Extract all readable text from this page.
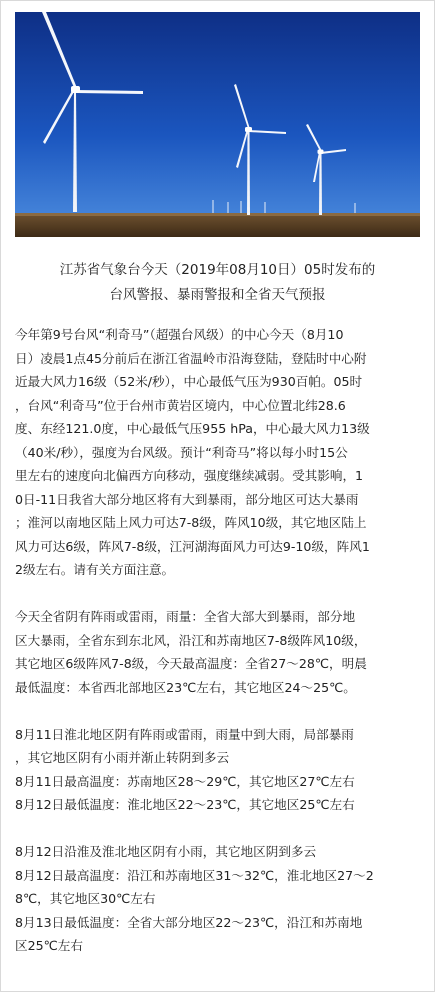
江苏省气象台今天（2019年08月10日）05时发布的
台风警报、暴雨警报和全省天气预报
今年第9号台风“利奇马”（超强台风级）的中心今天（8月10
日）凌晨1点45分前后在浙江省温岭市沿海登陆，登陆时中心附
近最大风力16级（52米/秒），中心最低气压为930百帕。05时
，台风“利奇马”位于台州市黄岩区境内，中心位置北纬28.6
度、东经121.0度，中心最低气压955 hPa，中心最大风力13级
（40米/秒），强度为台风级。预计“利奇马”将以每小时15公
里左右的速度向北偏西方向移动，强度继续减弱。受其影响，1
0日-11日我省大部分地区将有大到暴雨，部分地区可达大暴雨
；淮河以南地区陆上风力可达7-8级，阵风10级，其它地区陆上
风力可达6级，阵风7-8级，江河湖海面风力可达9-10级，阵风1
2级左右。请有关方面注意。
今天全省阴有阵雨或雷雨，雨量：全省大部大到暴雨，部分地
区大暴雨，全省东到东北风，沿江和苏南地区7-8级阵风10级，
其它地区6级阵风7-8级，今天最高温度：全省27～28℃，明晨
最低温度：本省西北部地区23℃左右，其它地区24～25℃。
8月11日淮北地区阴有阵雨或雷雨，雨量中到大雨，局部暴雨
，其它地区阴有小雨并渐止转阴到多云
8月11日最高温度：苏南地区28～29℃，其它地区27℃左右
8月12日最低温度：淮北地区22～23℃，其它地区25℃左右
8月12日沿淮及淮北地区阴有小雨，其它地区阴到多云
8月12日最高温度：沿江和苏南地区31～32℃，淮北地区27～2
8℃，其它地区30℃左右
8月13日最低温度：全省大部分地区22～23℃，沿江和苏南地
区25℃左右
